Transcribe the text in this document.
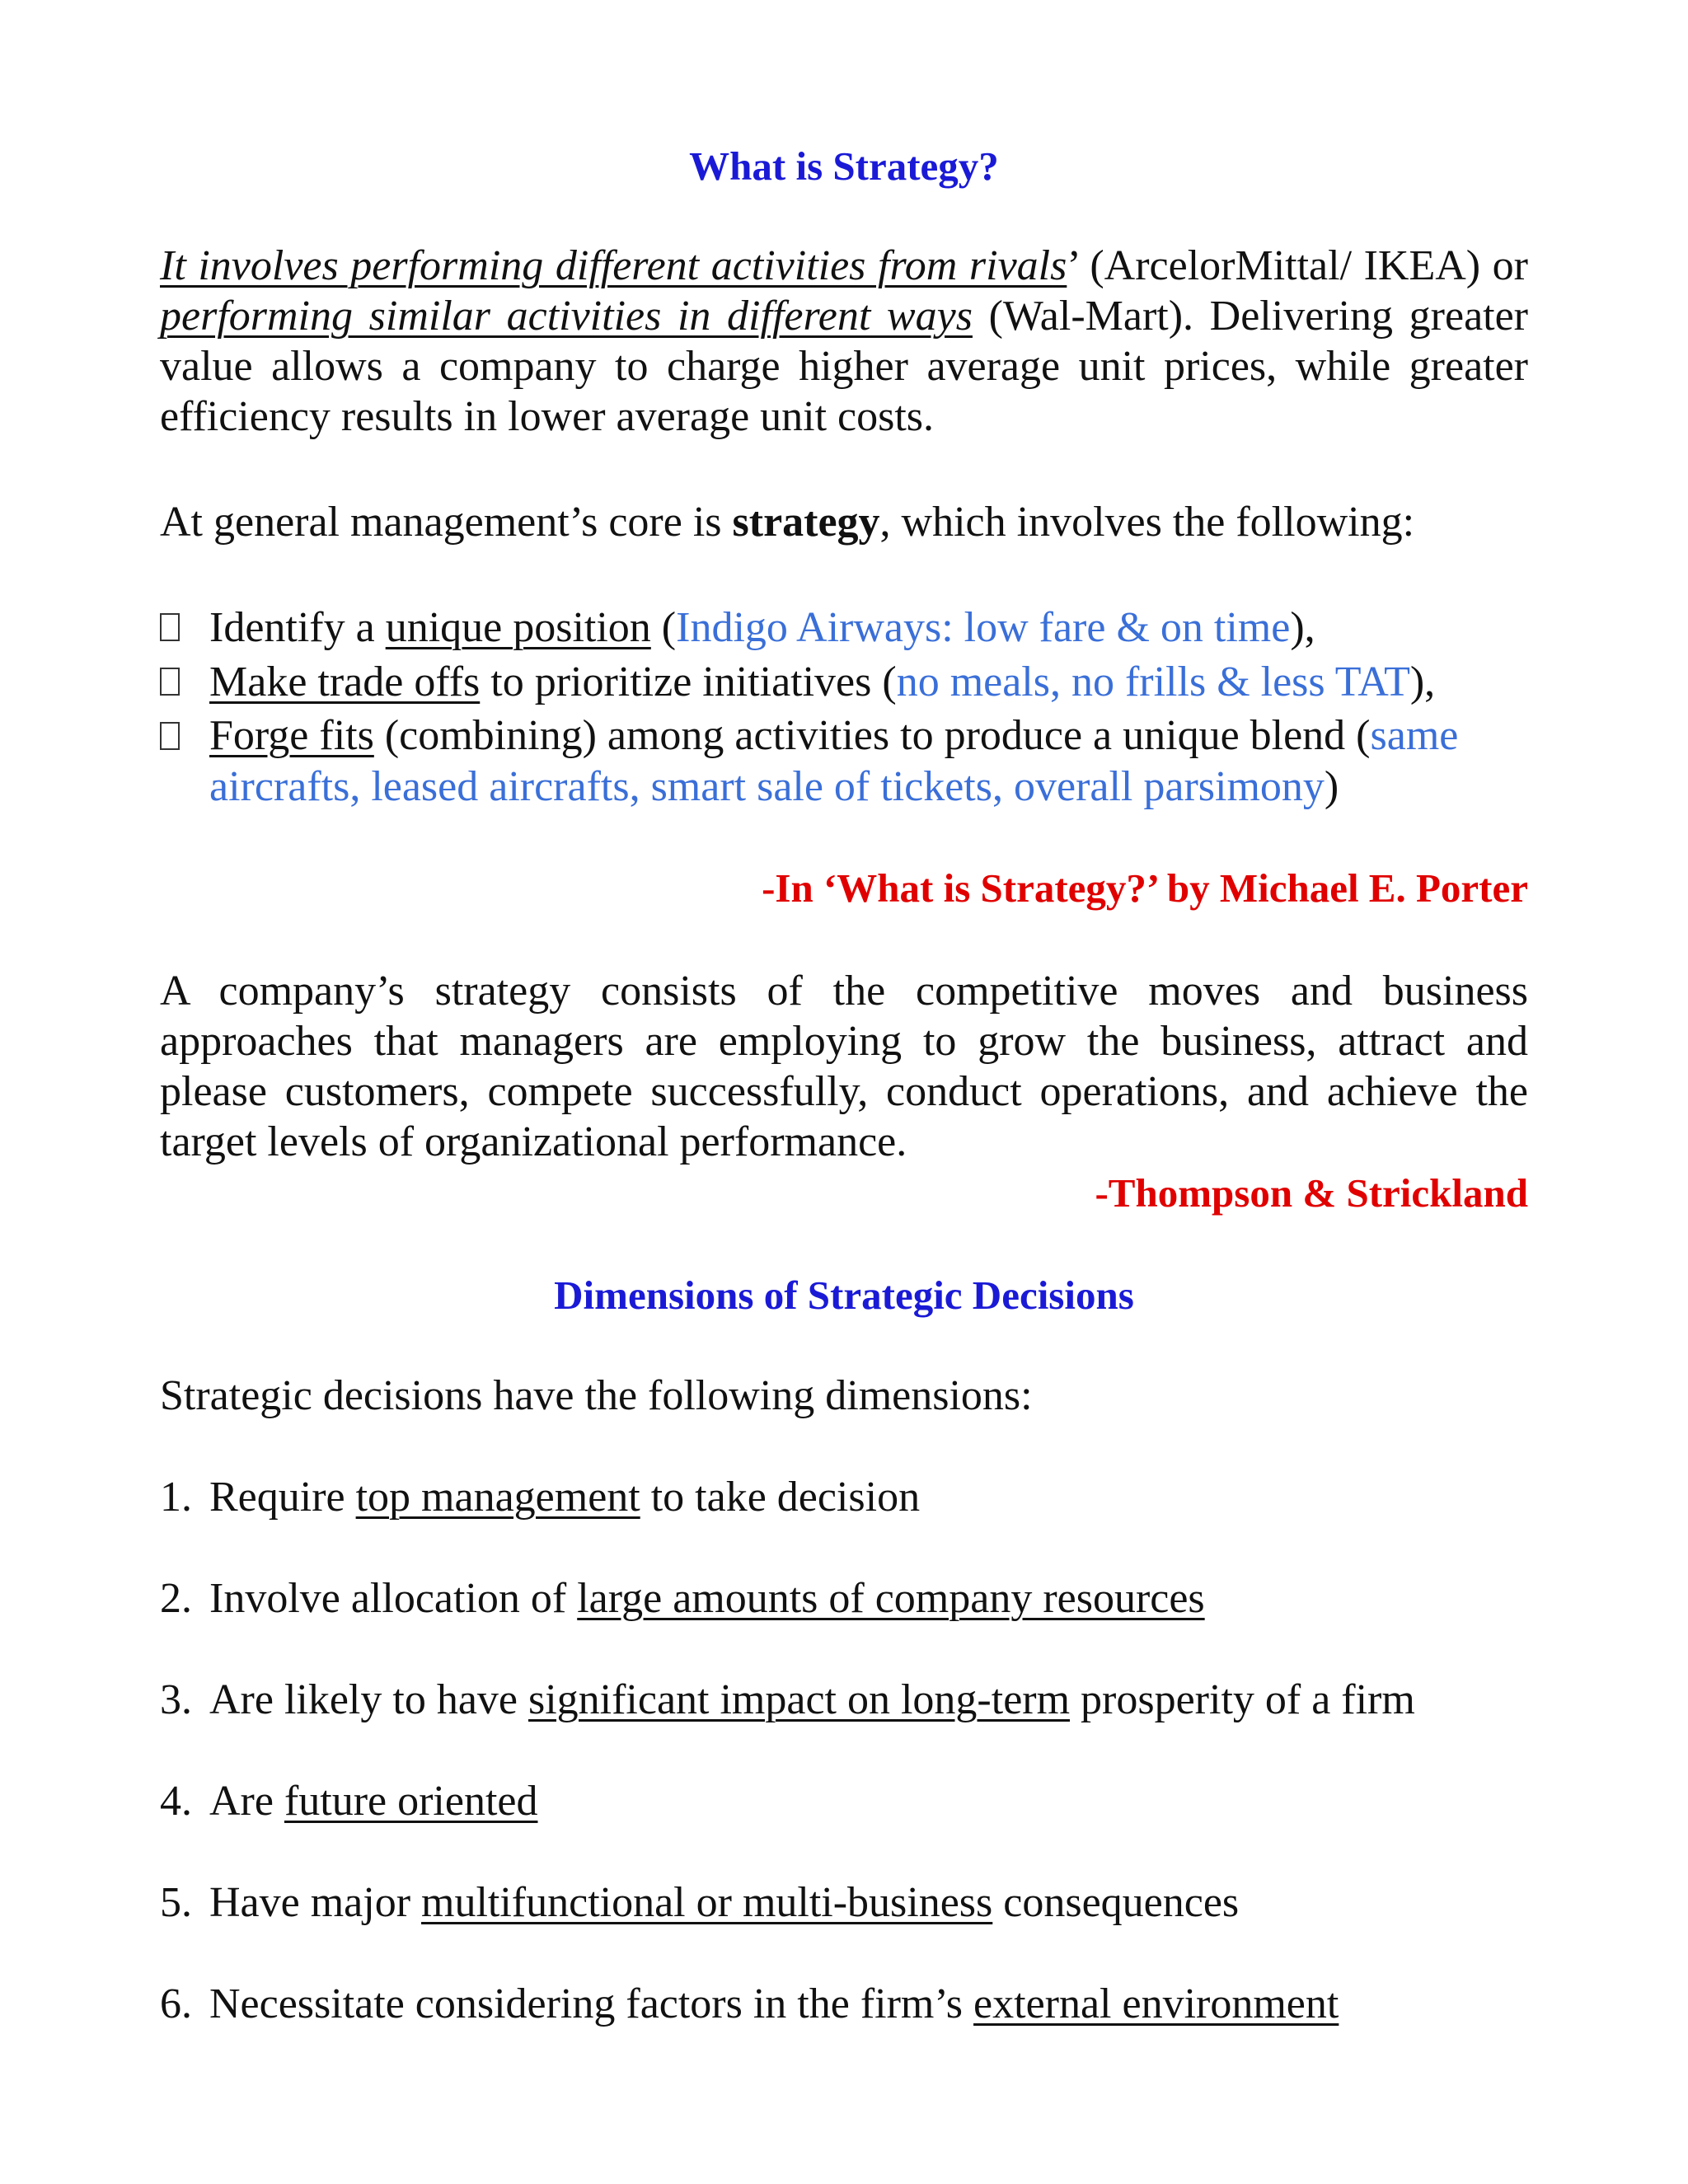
What is Strategy?

It involves performing different activities from rivals’ (ArcelorMittal/ IKEA) or performing similar activities in different ways (Wal-Mart). Delivering greater value allows a company to charge higher average unit prices, while greater efficiency results in lower average unit costs.

At general management’s core is strategy, which involves the following:
Identify a unique position (Indigo Airways: low fare & on time),
Make trade offs to prioritize initiatives (no meals, no frills & less TAT),
Forge fits (combining) among activities to produce a unique blend (same aircrafts, leased aircrafts, smart sale of tickets, overall parsimony)
-In ‘What is Strategy?’ by Michael E. Porter

A company’s strategy consists of the competitive moves and business approaches that managers are employing to grow the business, attract and please customers, compete successfully, conduct operations, and achieve the target levels of organizational performance.

-Thompson & Strickland
Dimensions of Strategic Decisions
Strategic decisions have the following dimensions:
1. Require top management to take decision
2. Involve allocation of large amounts of company resources
3. Are likely to have significant impact on long-term prosperity of a firm
4. Are future oriented
5. Have major multifunctional or multi-business consequences
6. Necessitate considering factors in the firm’s external environment
